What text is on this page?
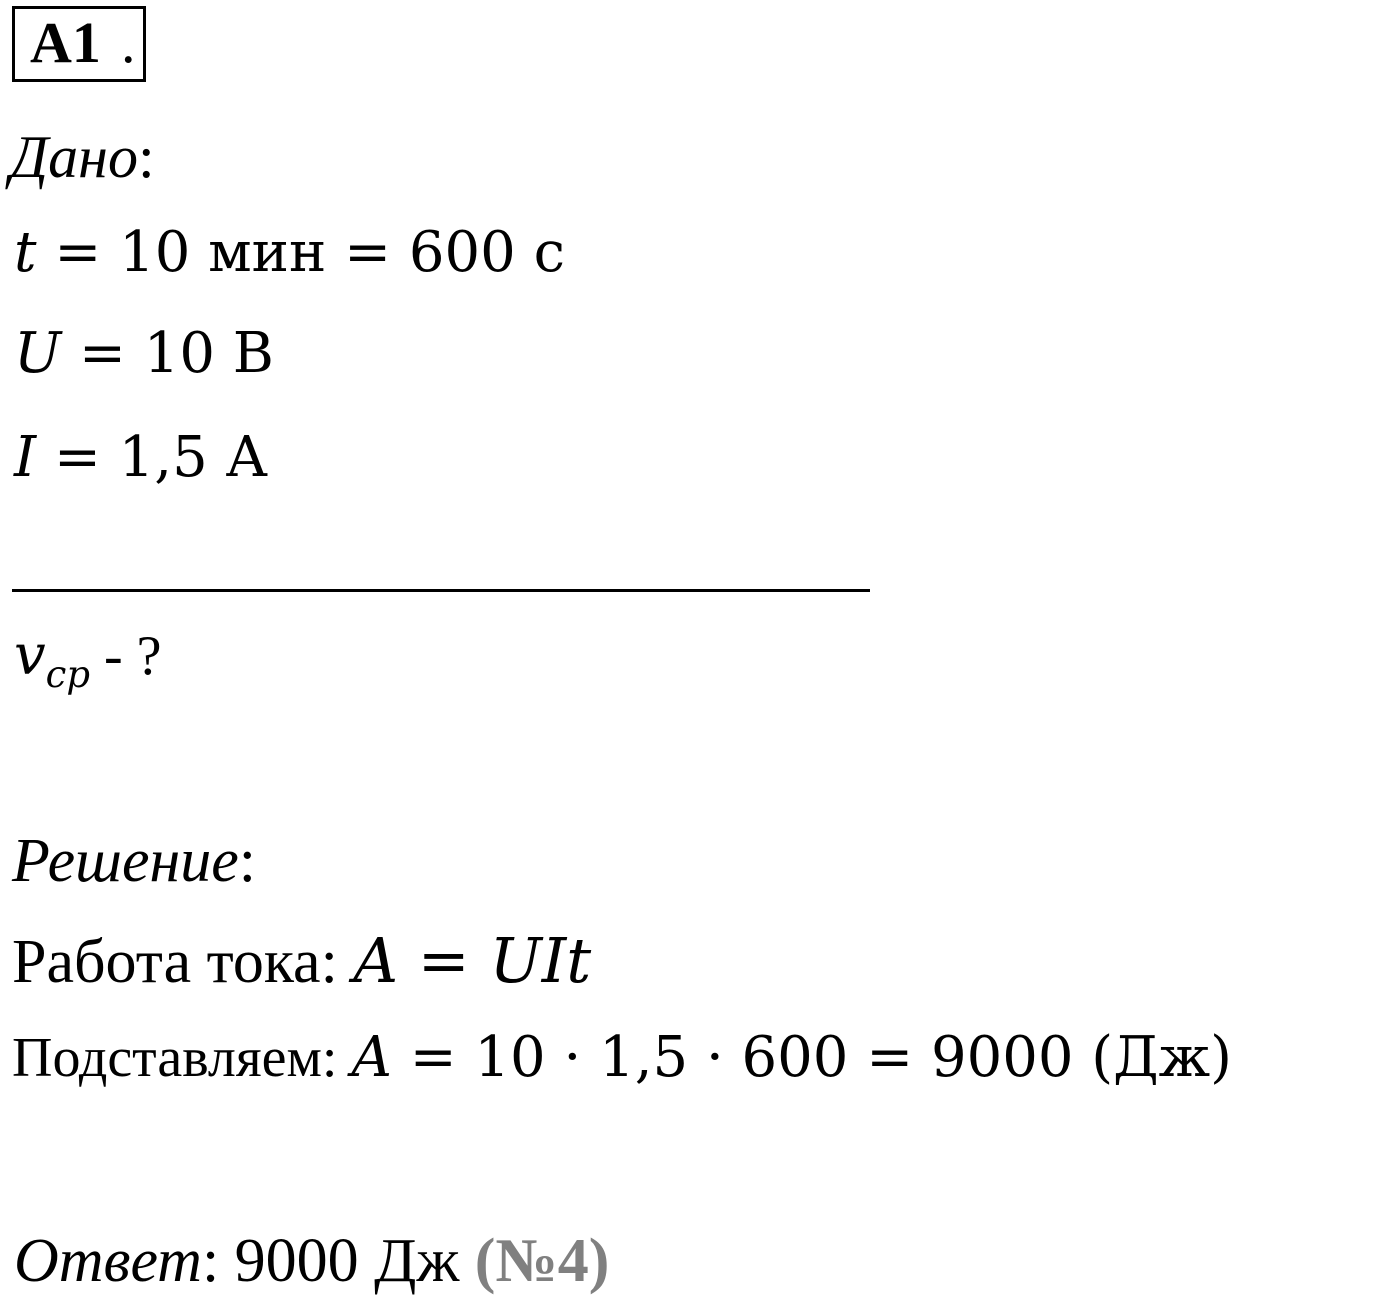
A1 .
Дано:
t = 10 мин = 600 с
U = 10 В
I = 1,5 А
$v_{ср}$ - ?
Решение:
Работа тока: A = UIt
Подставляем: A = 10 · 1,5 · 600 = 9000 (Дж)
Ответ: 9000 Дж (№4)
